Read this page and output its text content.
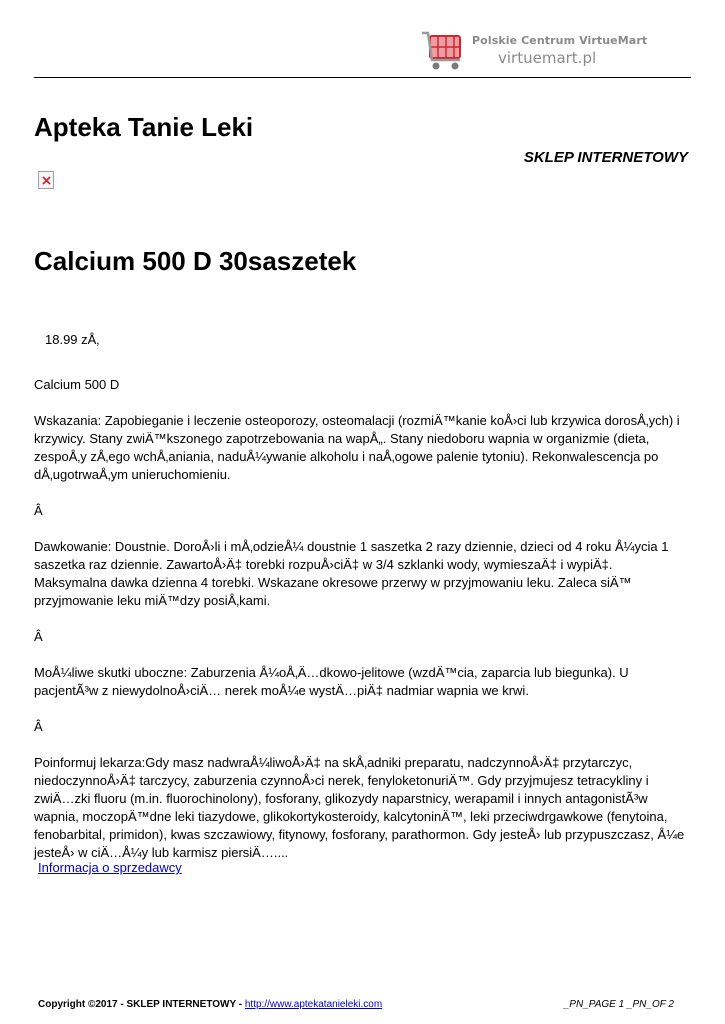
Polskie Centrum VirtueMart
virtuemart.pl
Apteka Tanie Leki
SKLEP INTERNETOWY
Calcium 500 D 30saszetek
18.99 zÅ‚

Calcium 500 D

Wskazania: Zapobieganie i leczenie osteoporozy, osteomalacji (rozmiÄ™kanie koÅ›ci lub krzywica dorosÅ‚ych) i krzywicy. Stany zwiÄ™kszonego zapotrzebowania na wapÅ„. Stany niedoboru wapnia w organizmie (dieta, zespoÅ‚y zÅ‚ego wchÅ‚aniania, naduÅ¼ywanie alkoholu i naÅ‚ogowe palenie tytoniu). Rekonwalescencja po dÅ‚ugotrwaÅ‚ym unieruchomieniu.

Â

Dawkowanie: Doustnie. DoroÅ›li i mÅ‚odzieÅ¼ doustnie 1 saszetka 2 razy dziennie, dzieci od 4 roku Å¼ycia 1 saszetka raz dziennie. ZawartoÅ›Ä‡ torebki rozpuÅ›ciÄ‡ w 3/4 szklanki wody, wymieszaÄ‡ i wypiÄ‡. Maksymalna dawka dzienna 4 torebki. Wskazane okresowe przerwy w przyjmowaniu leku. Zaleca siÄ™ przyjmowanie leku miÄ™dzy posiÅ‚kami.

Â

MoÅ¼liwe skutki uboczne: Zaburzenia Å¼oÅ‚Ä…dkowo-jelitowe (wzdÄ™cia, zaparcia lub biegunka). U pacjentÃ³w z niewydolnoÅ›ciÄ… nerek moÅ¼e wystÄ…piÄ‡ nadmiar wapnia we krwi.

Â

Poinformuj lekarza:Gdy masz nadwraÅ¼liwoÅ›Ä‡ na skÅ‚adniki preparatu, nadczynnoÅ›Ä‡ przytarczyc, niedoczynnoÅ›Ä‡ tarczycy, zaburzenia czynnoÅ›ci nerek, fenyloketonuriÄ™. Gdy przyjmujesz tetracykliny i zwiÄ…zki fluoru (m.in. fluorochinolony), fosforany, glikozydy naparstnicy, werapamil i innych antagonistÃ³w wapnia, moczopÄ™dne leki tiazydowe, glikokortykosteroidy, kalcytoninÄ™, leki przeciwdrgawkowe (fenytoina, fenobarbital, primidon), kwas szczawiowy, fitynowy, fosforany, parathormon. Gdy jesteÅ› lub przypuszczasz, Å¼e jesteÅ› w ciÄ…Å¼y lub karmisz piersiÄ…....

Informacja o sprzedawcy
Copyright ©2017 - SKLEP INTERNETOWY - http://www.aptekatanieleki.com	_PN_PAGE 1 _PN_OF 2
